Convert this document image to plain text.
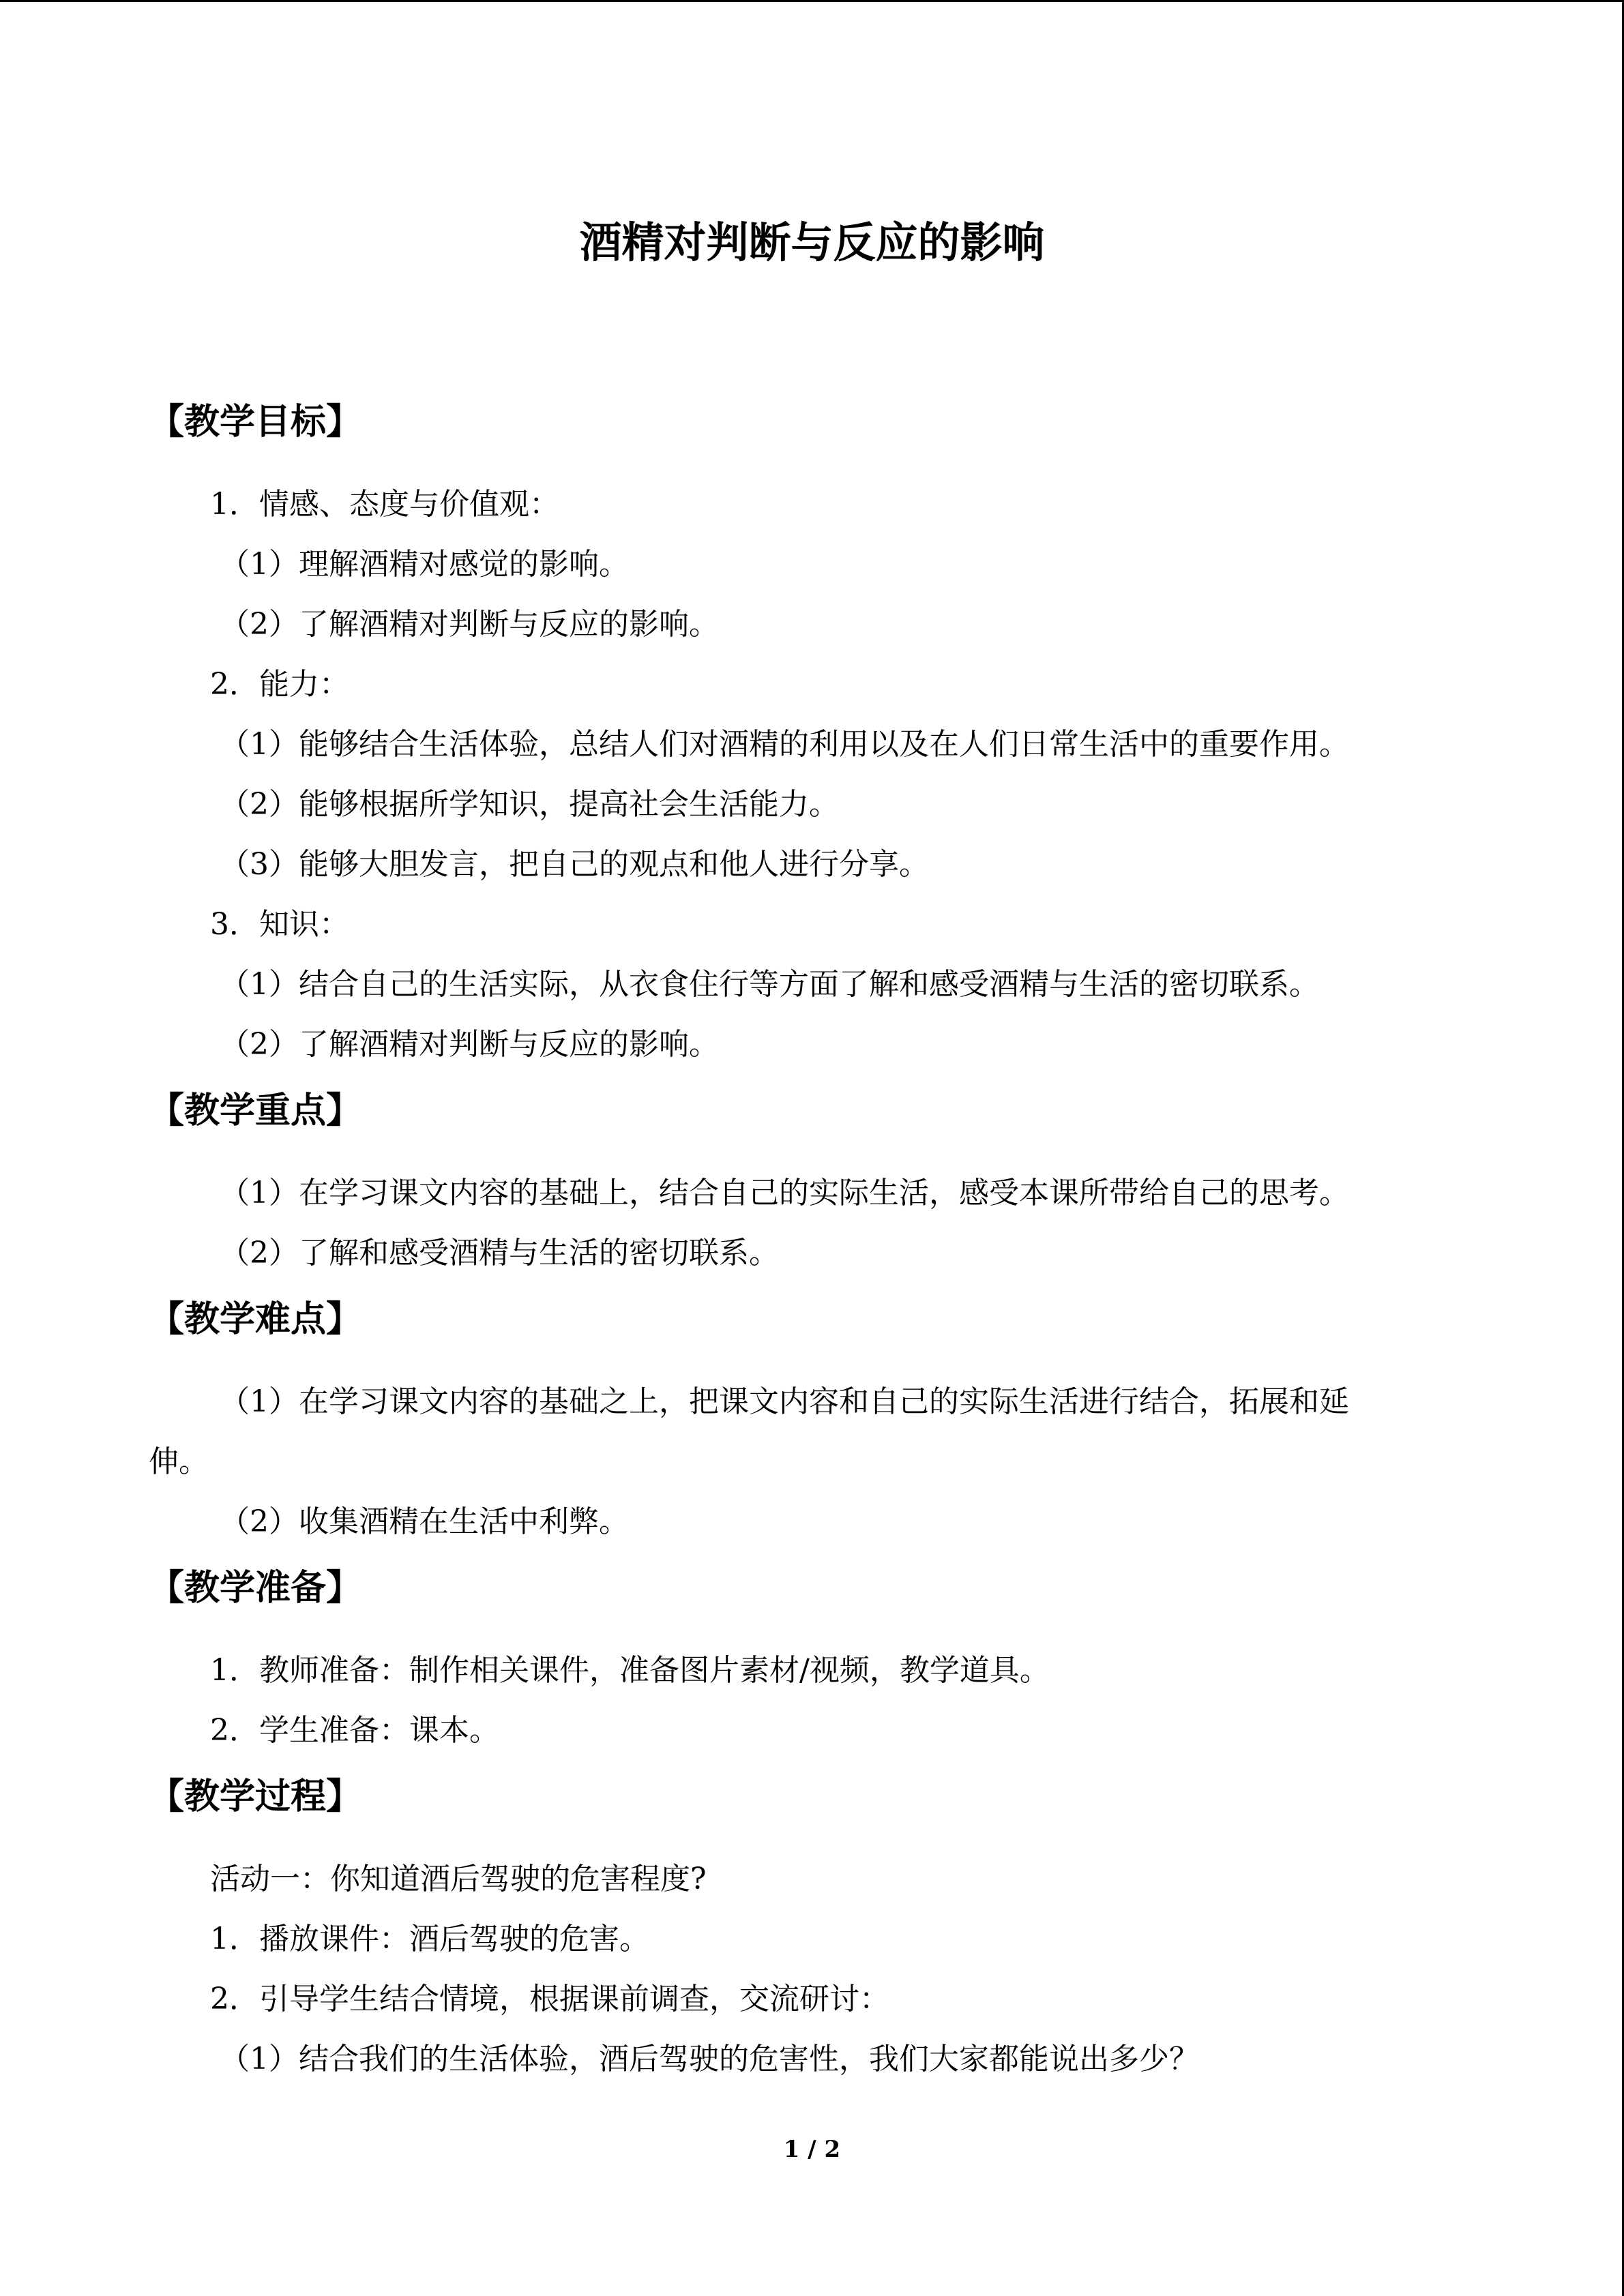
酒精对判断与反应的影响
【教学目标】

1．情感、态度与价值观：

（1）理解酒精对感觉的影响。

（2）了解酒精对判断与反应的影响。

2．能力：

（1）能够结合生活体验，总结人们对酒精的利用以及在人们日常生活中的重要作用。

（2）能够根据所学知识，提高社会生活能力。

（3）能够大胆发言，把自己的观点和他人进行分享。

3．知识：

（1）结合自己的生活实际，从衣食住行等方面了解和感受酒精与生活的密切联系。

（2）了解酒精对判断与反应的影响。

【教学重点】

（1）在学习课文内容的基础上，结合自己的实际生活，感受本课所带给自己的思考。

（2）了解和感受酒精与生活的密切联系。

【教学难点】

（1）在学习课文内容的基础之上，把课文内容和自己的实际生活进行结合，拓展和延

伸。

（2）收集酒精在生活中利弊。

【教学准备】

1．教师准备：制作相关课件，准备图片素材/视频，教学道具。

2．学生准备：课本。

【教学过程】

活动一：你知道酒后驾驶的危害程度?

1．播放课件：酒后驾驶的危害。

2．引导学生结合情境，根据课前调查，交流研讨：

（1）结合我们的生活体验，酒后驾驶的危害性，我们大家都能说出多少？

1 / 2
